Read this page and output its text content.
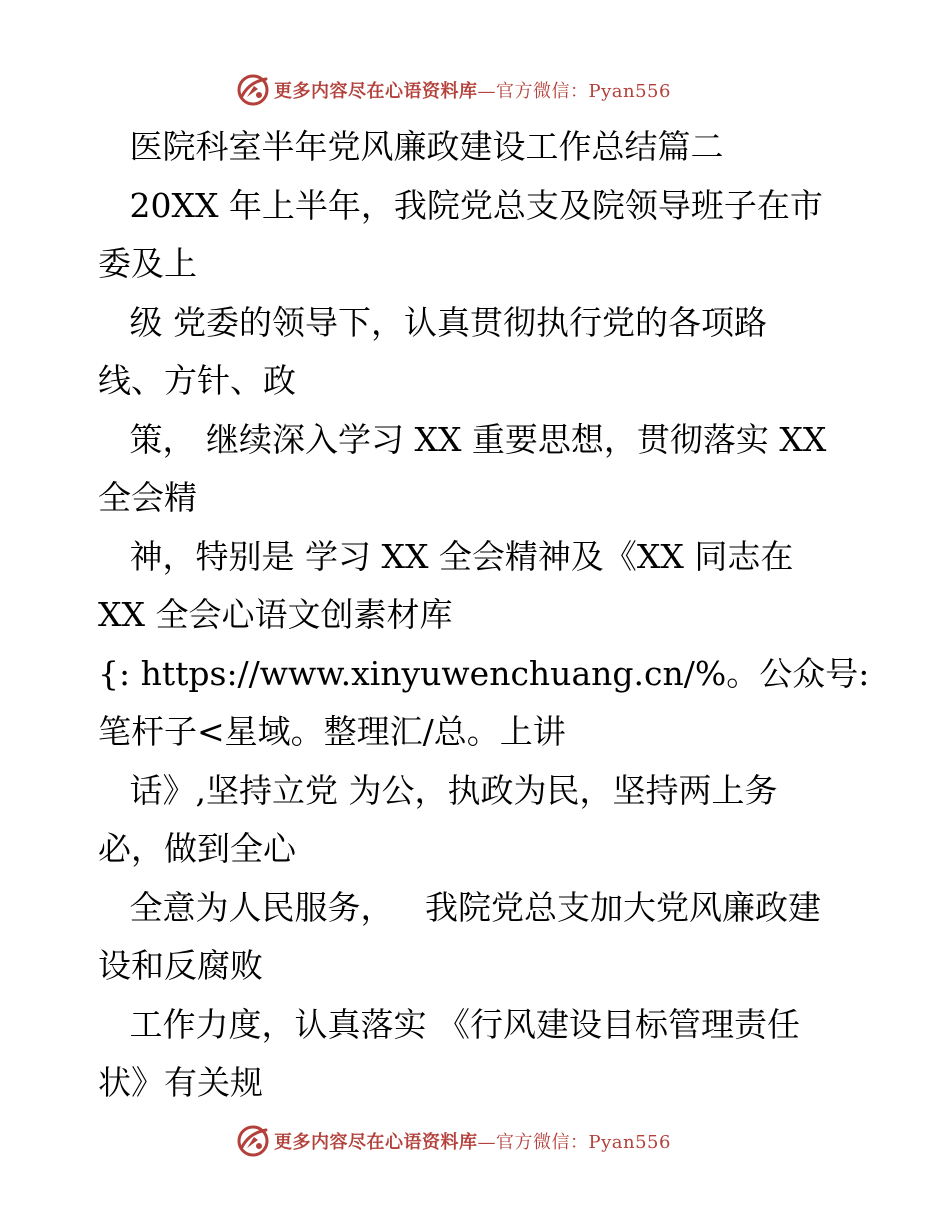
更多内容尽在心语资料库—官方微信：Pyan556
医院科室半年党风廉政建设工作总结篇二
20XX 年上半年，我院党总支及院领导班子在市
委及上
级 党委的领导下，认真贯彻执行党的各项路
线、方针、政
策， 继续深入学习 XX 重要思想，贯彻落实 XX
全会精
神，特别是 学习 XX 全会精神及《XX 同志在
XX 全会心语文创素材库
{: https://www.xinyuwenchuang.cn/%。公众号:
笔杆子<星域。整理汇/总。上讲
话》,坚持立党 为公，执政为民，坚持两上务
必，做到全心
全意为人民服务，   我院党总支加大党风廉政建
设和反腐败
工作力度，认真落实 《行风建设目标管理责任
状》有关规
更多内容尽在心语资料库—官方微信：Pyan556
